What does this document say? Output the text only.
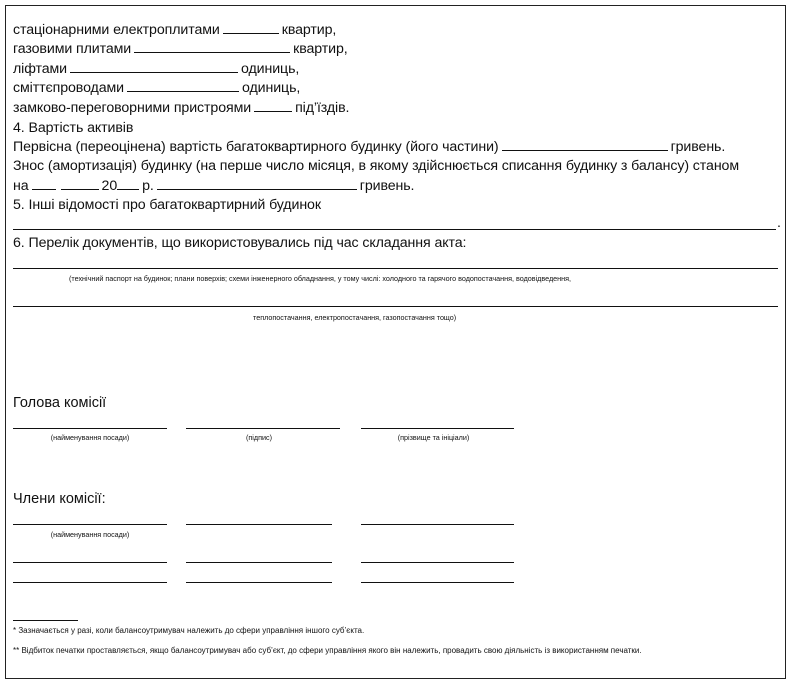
стаціонарними електроплитами	квартир,
газовими плитами	квартир,
ліфтами	одиниць,
сміттєпроводами	одиниць,
замково-переговорними пристроями	під’їздів.
4. Вартість активів
Первісна (переоцінена) вартість багатоквартирного будинку (його частини)	гривень.
Знос (амортизація) будинку (на перше число місяця, в якому здійснюється списання будинку з балансу) станом
на	20 р.	гривень.
5. Інші відомості про багатоквартирний будинок
.
6. Перелік документів, що використовувались під час складання акта:
(технічний паспорт на будинок; плани поверхів; схеми інженерного обладнання, у тому числі: холодного та гарячого водопостачання, водовідведення,
теплопостачання, електропостачання, газопостачання тощо)
Голова комісії
(найменування посади)	(підпис)	(прізвище та ініціали)
Члени комісії:
(найменування посади)
* Зазначається у разі, коли балансоутримувач належить до сфери управління іншого суб’єкта.
** Відбиток печатки проставляється, якщо балансоутримувач або суб’єкт, до сфери управління якого він належить, провадить свою діяльність із використанням печатки.
